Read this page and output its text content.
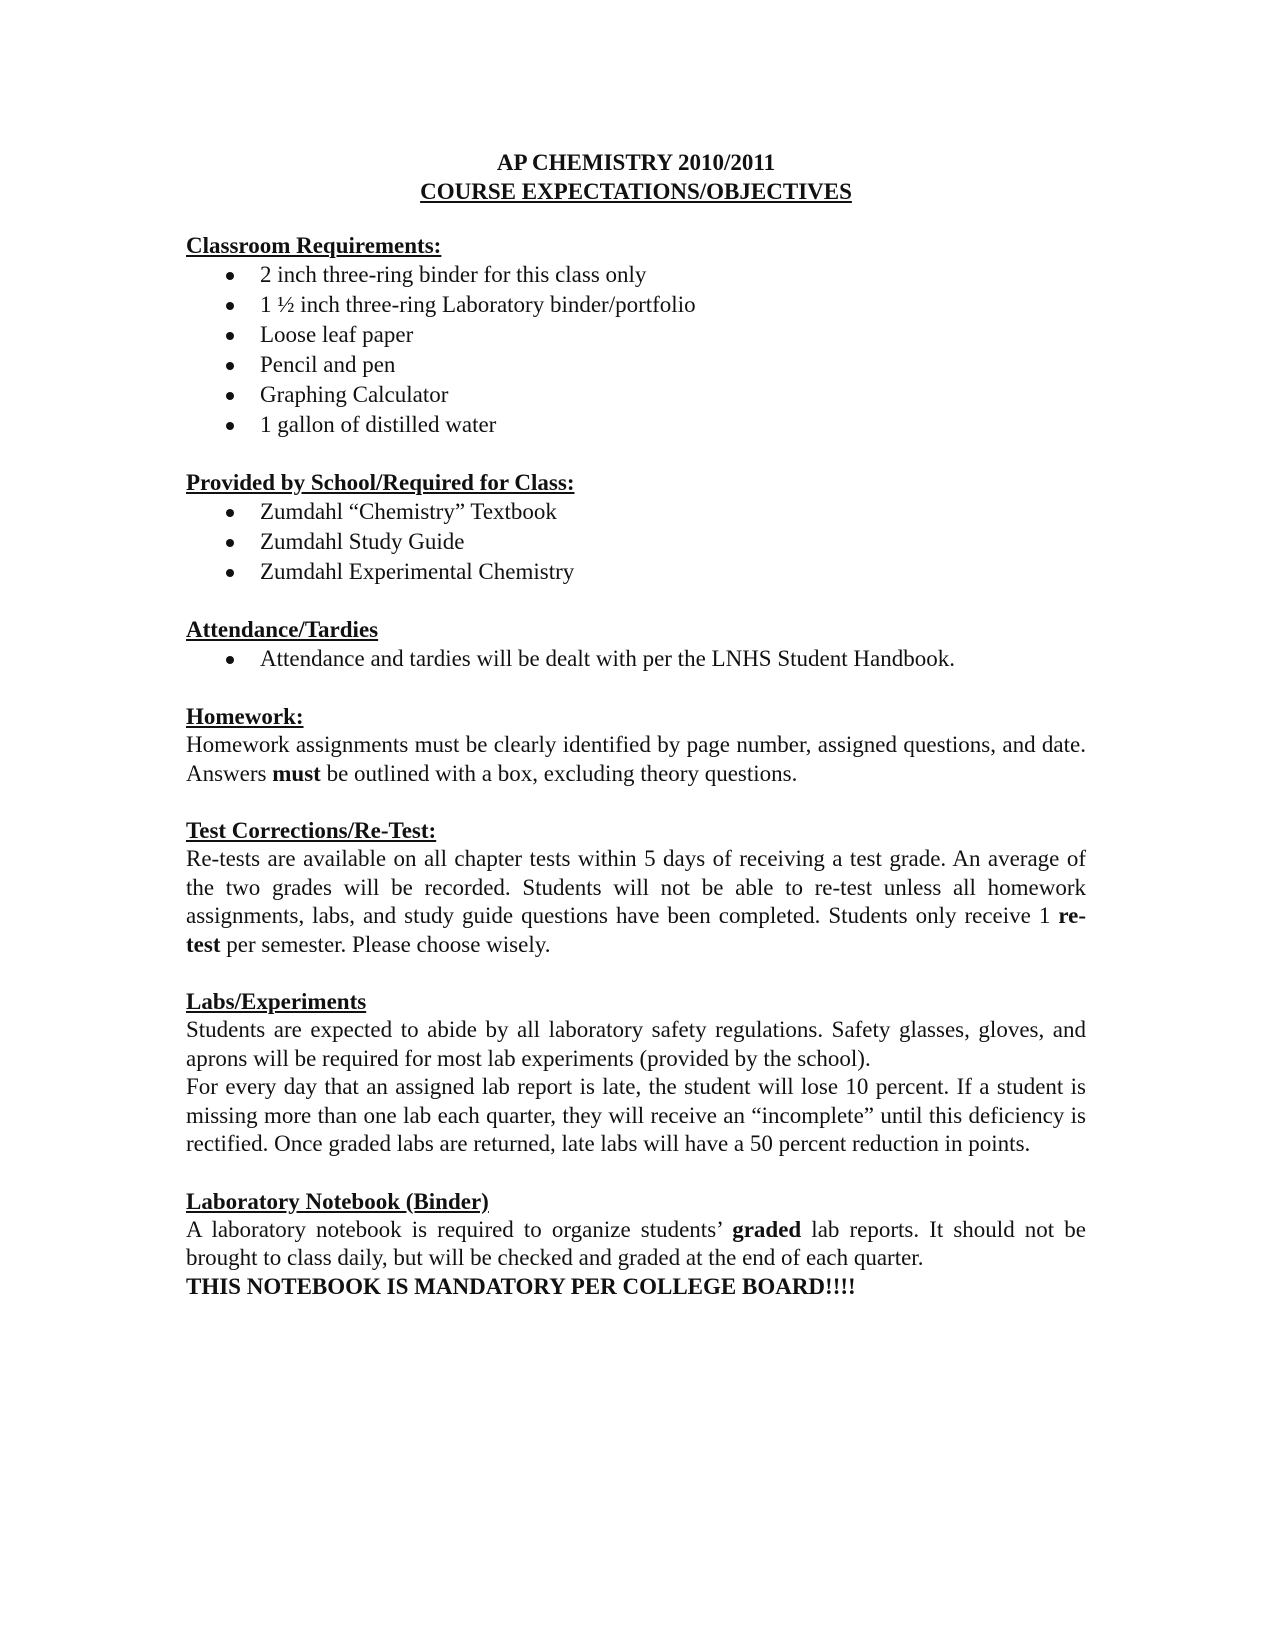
AP CHEMISTRY 2010/2011
COURSE EXPECTATIONS/OBJECTIVES
Classroom Requirements:
2 inch three-ring binder for this class only
1 ½ inch three-ring Laboratory binder/portfolio
Loose leaf paper
Pencil and pen
Graphing Calculator
1 gallon of distilled water
Provided by School/Required for Class:
Zumdahl “Chemistry” Textbook
Zumdahl Study Guide
Zumdahl Experimental Chemistry
Attendance/Tardies
Attendance and tardies will be dealt with per the LNHS Student Handbook.
Homework:

Homework assignments must be clearly identified by page number, assigned questions, and date. Answers must be outlined with a box, excluding theory questions.

Test Corrections/Re-Test:

Re-tests are available on all chapter tests within 5 days of receiving a test grade. An average of the two grades will be recorded. Students will not be able to re-test unless all homework assignments, labs, and study guide questions have been completed. Students only receive 1 re-test per semester. Please choose wisely.

Labs/Experiments

Students are expected to abide by all laboratory safety regulations. Safety glasses, gloves, and aprons will be required for most lab experiments (provided by the school).

For every day that an assigned lab report is late, the student will lose 10 percent. If a student is missing more than one lab each quarter, they will receive an “incomplete” until this deficiency is rectified. Once graded labs are returned, late labs will have a 50 percent reduction in points.

Laboratory Notebook (Binder)

A laboratory notebook is required to organize students’ graded lab reports. It should not be brought to class daily, but will be checked and graded at the end of each quarter.

THIS NOTEBOOK IS MANDATORY PER COLLEGE BOARD!!!!
